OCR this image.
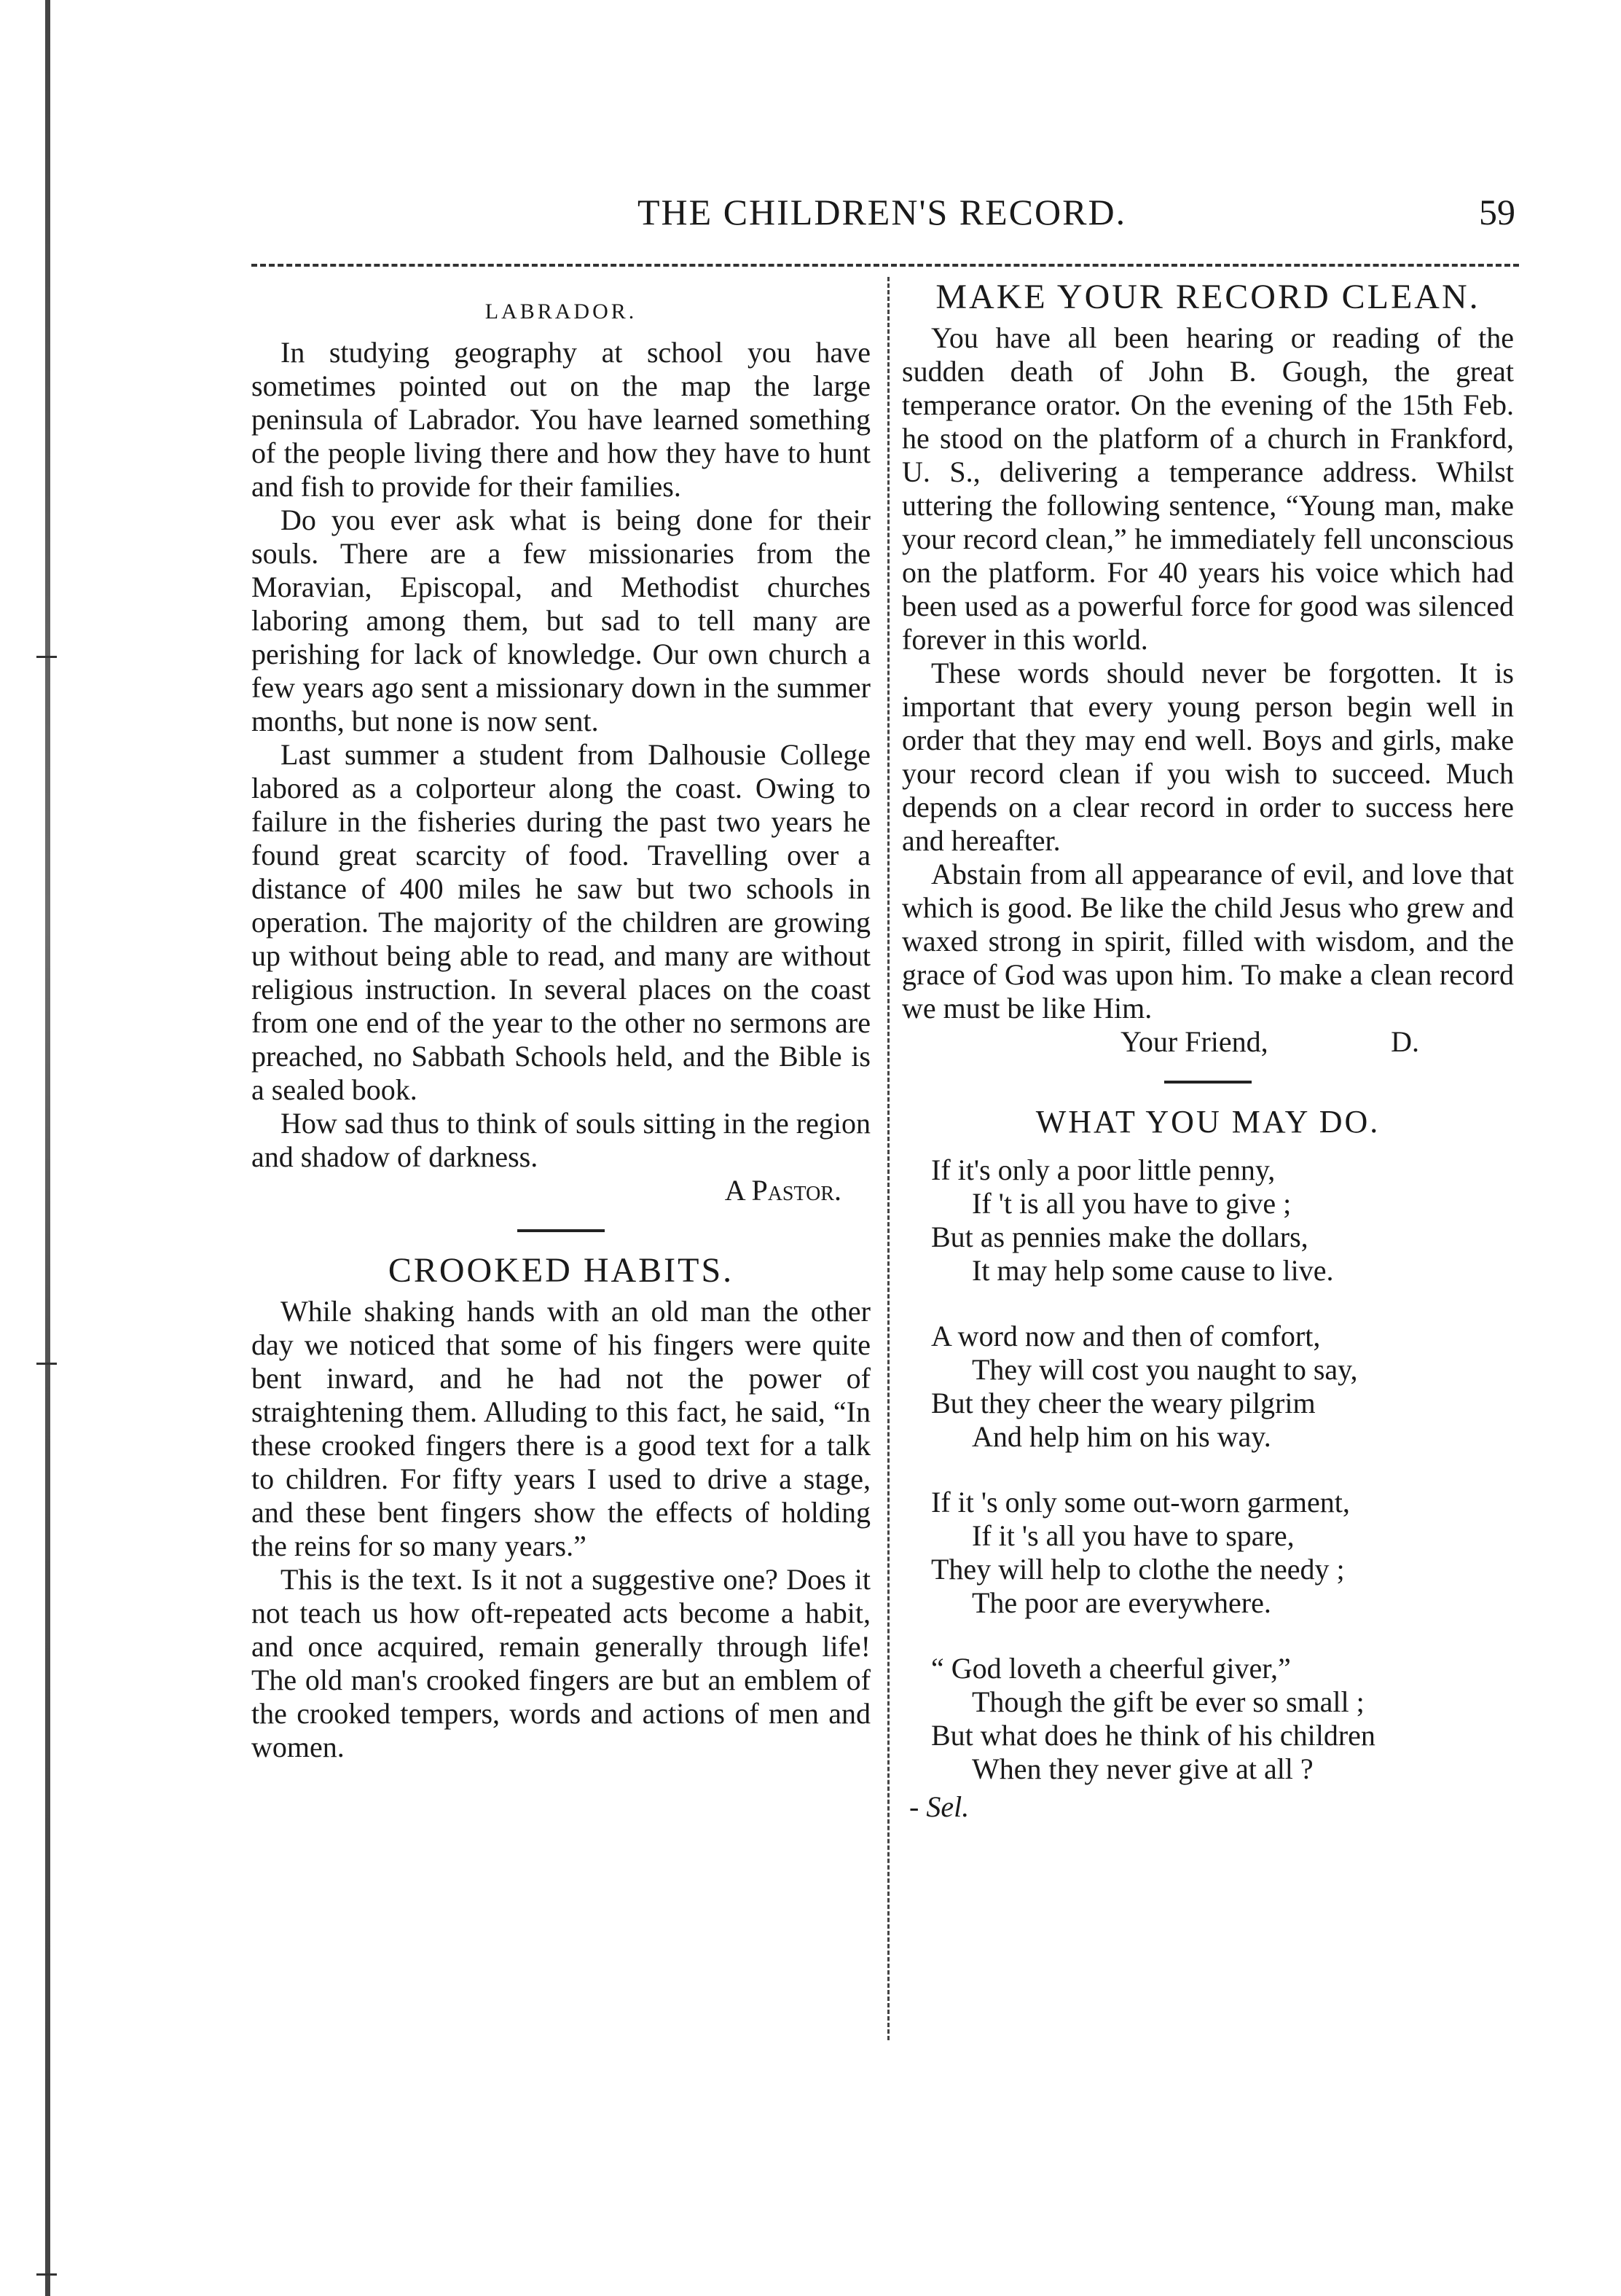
THE CHILDREN'S RECORD.	59
LABRADOR.

In studying geography at school you have sometimes pointed out on the map the large peninsula of Labrador. You have learned something of the people living there and how they have to hunt and fish to provide for their families.

Do you ever ask what is being done for their souls. There are a few missionaries from the Moravian, Episcopal, and Methodist churches laboring among them, but sad to tell many are perishing for lack of knowledge. Our own church a few years ago sent a missionary down in the summer months, but none is now sent.

Last summer a student from Dalhousie College labored as a colporteur along the coast. Owing to failure in the fisheries during the past two years he found great scarcity of food. Travelling over a distance of 400 miles he saw but two schools in operation. The majority of the children are growing up without being able to read, and many are without religious instruction. In several places on the coast from one end of the year to the other no sermons are preached, no Sabbath Schools held, and the Bible is a sealed book.

How sad thus to think of souls sitting in the region and shadow of darkness.

A Pastor.

CROOKED HABITS.

While shaking hands with an old man the other day we noticed that some of his fingers were quite bent inward, and he had not the power of straightening them. Alluding to this fact, he said, “In these crooked fingers there is a good text for a talk to children. For fifty years I used to drive a stage, and these bent fingers show the effects of holding the reins for so many years.”

This is the text. Is it not a suggestive one? Does it not teach us how oft-repeated acts become a habit, and once acquired, remain generally through life! The old man's crooked fingers are but an emblem of the crooked tempers, words and actions of men and women.

MAKE YOUR RECORD CLEAN.

You have all been hearing or reading of the sudden death of John B. Gough, the great temperance orator. On the evening of the 15th Feb. he stood on the platform of a church in Frankford, U. S., delivering a temperance address. Whilst uttering the following sentence, “Young man, make your record clean,” he immediately fell unconscious on the platform. For 40 years his voice which had been used as a powerful force for good was silenced forever in this world.

These words should never be forgotten. It is important that every young person begin well in order that they may end well. Boys and girls, make your record clean if you wish to succeed. Much depends on a clear record in order to success here and hereafter.

Abstain from all appearance of evil, and love that which is good. Be like the child Jesus who grew and waxed strong in spirit, filled with wisdom, and the grace of God was upon him. To make a clean record we must be like Him.

Your Friend,	D.
WHAT YOU MAY DO.
If it's only a poor little penny,
If 't is all you have to give ;
But as pennies make the dollars,
It may help some cause to live.
A word now and then of comfort,
They will cost you naught to say,
But they cheer the weary pilgrim
And help him on his way.
If it 's only some out-worn garment,
If it 's all you have to spare,
They will help to clothe the needy ;
The poor are everywhere.
“ God loveth a cheerful giver,”
Though the gift be ever so small ;
But what does he think of his children
When they never give at all ?
- Sel.
